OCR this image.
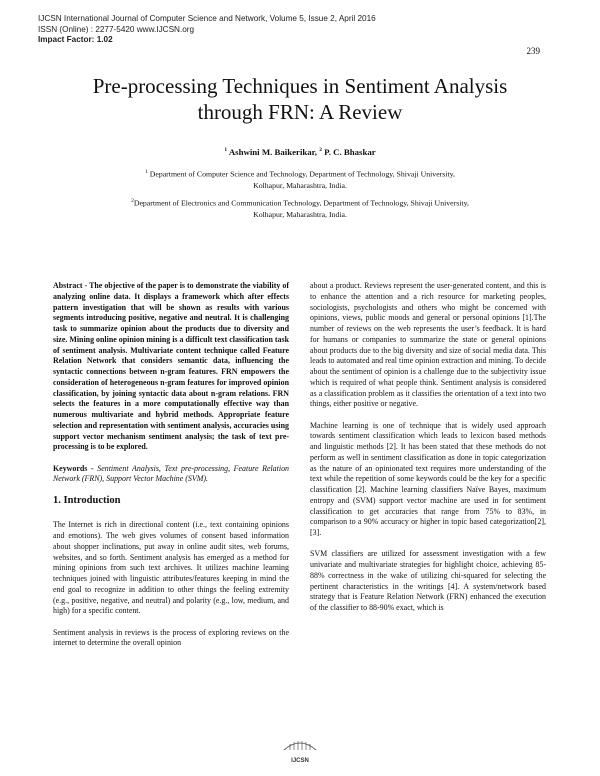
IJCSN International Journal of Computer Science and Network, Volume 5, Issue 2, April 2016
ISSN (Online) : 2277-5420 www.IJCSN.org
Impact Factor: 1.02
239
Pre-processing Techniques in Sentiment Analysis
through FRN: A Review
$^1$ Ashwini M. Baikerikar, $^2$ P. C. Bhaskar
$^1$ Department of Computer Science and Technology, Department of Technology, Shivaji University,
Kolhapur, Maharashtra, India.
$^2$Department of Electronics and Communication Technology, Department of Technology, Shivaji University,
Kolhapur, Maharashtra, India.

Abstract - The objective of the paper is to demonstrate the viability of analyzing online data. It displays a framework which after effects pattern investigation that will be shown as results with various segments introducing positive, negative and neutral. It is challenging task to summarize opinion about the products due to diversity and size. Mining online opinion mining is a difficult text classification task of sentiment analysis. Multivariate content technique called Feature Relation Network that considers semantic data, influencing the syntactic connections between n-gram features. FRN empowers the consideration of heterogeneous n-gram features for improved opinion classification, by joining syntactic data about n-gram relations. FRN selects the features in a more computationally effective way than numerous multivariate and hybrid methods. Appropriate feature selection and representation with sentiment analysis, accuracies using support vector mechanism sentiment analysis; the task of text pre-processing is to be explored.

Keywords - Sentiment Analysis, Text pre-processing, Feature Relation Network (FRN), Support Vector Machine (SVM).

1. Introduction

The Internet is rich in directional content (i.e., text containing opinions and emotions). The web gives volumes of consent based information about shopper inclinations, put away in online audit sites, web forums, websites, and so forth. Sentiment analysis has emerged as a method for mining opinions from such text archives. It utilizes machine learning techniques joined with linguistic attributes/features keeping in mind the end goal to recognize in addition to other things the feeling extremity (e.g., positive, negative, and neutral) and polarity (e.g., low, medium, and high) for a specific content.

Sentiment analysis in reviews is the process of exploring reviews on the internet to determine the overall opinion

about a product. Reviews represent the user-generated content, and this is to enhance the attention and a rich resource for marketing peoples, sociologists, psychologists and others who might be concerned with opinions, views, public moods and general or personal opinions [1].The number of reviews on the web represents the user’s feedback. It is hard for humans or companies to summarize the state or general opinions about products due to the big diversity and size of social media data. This leads to automated and real time opinion extraction and mining. To decide about the sentiment of opinion is a challenge due to the subjectivity issue which is required of what people think. Sentiment analysis is considered as a classification problem as it classifies the orientation of a text into two things, either positive or negative.

Machine learning is one of technique that is widely used approach towards sentiment classification which leads to lexicon based methods and linguistic methods [2]. It has been stated that these methods do not perform as well in sentiment classification as done in topic categorization as the nature of an opinionated text requires more understanding of the text while the repetition of some keywords could be the key for a specific classification [2]. Machine learning classifiers Naïve Bayes, maximum entropy and (SVM) support vector machine are used in for sentiment classification to get accuracies that range from 75% to 83%, in comparison to a 90% accuracy or higher in topic based categorization[2],[3].

SVM classifiers are utilized for assessment investigation with a few univariate and multivariate strategies for highlight choice, achieving 85-88% correctness in the wake of utilizing chi-squared for selecting the pertinent characteristics in the writings [4]. A system/network based strategy that is Feature Relation Network (FRN) enhanced the execution of the classifier to 88-90% exact, which is

IJCSN
